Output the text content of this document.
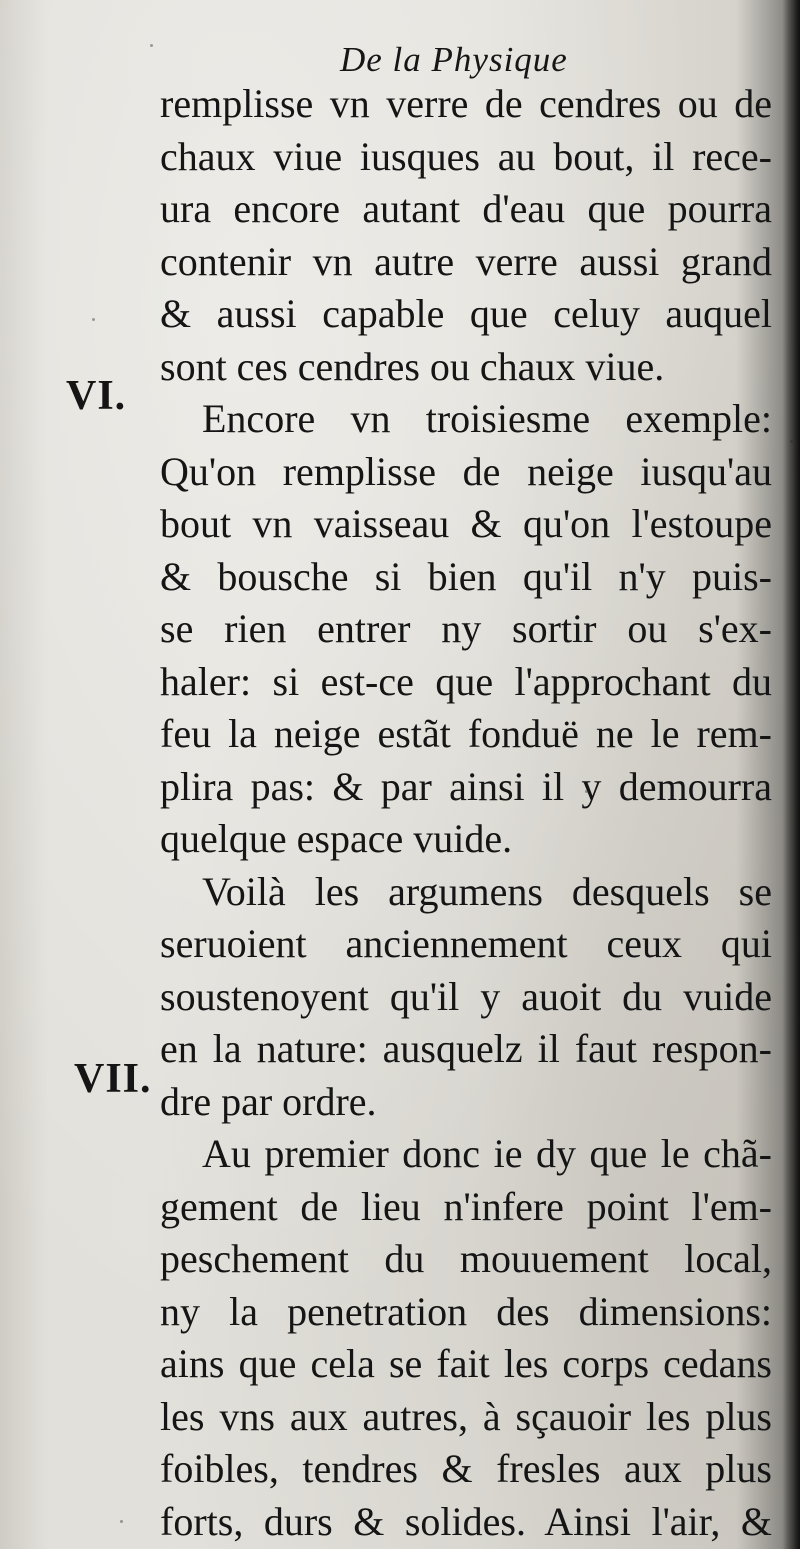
De la Physique
VI.
VII.
remplisse vn verre de cendres ou de
chaux viue iusques au bout, il rece-
ura encore autant d'eau que pourra
contenir vn autre verre aussi grand
& aussi capable que celuy auquel
sont ces cendres ou chaux viue.
Encore vn troisiesme exemple:
Qu'on remplisse de neige iusqu'au
bout vn vaisseau & qu'on l'estoupe
& bousche si bien qu'il n'y puis-
se rien entrer ny sortir ou s'ex-
haler: si est-ce que l'approchant du
feu la neige estãt fonduë ne le rem-
plira pas: & par ainsi il y demourra
quelque espace vuide.
Voilà les argumens desquels se
seruoient anciennement ceux qui
soustenoyent qu'il y auoit du vuide
en la nature: ausquelz il faut respon-
dre par ordre.
Au premier donc ie dy que le chã-
gement de lieu n'infere point l'em-
peschement du mouuement local,
ny la penetration des dimensions:
ains que cela se fait les corps cedans
les vns aux autres, à sçauoir les plus
foibles, tendres & fresles aux plus
forts, durs & solides. Ainsi l'air, &
